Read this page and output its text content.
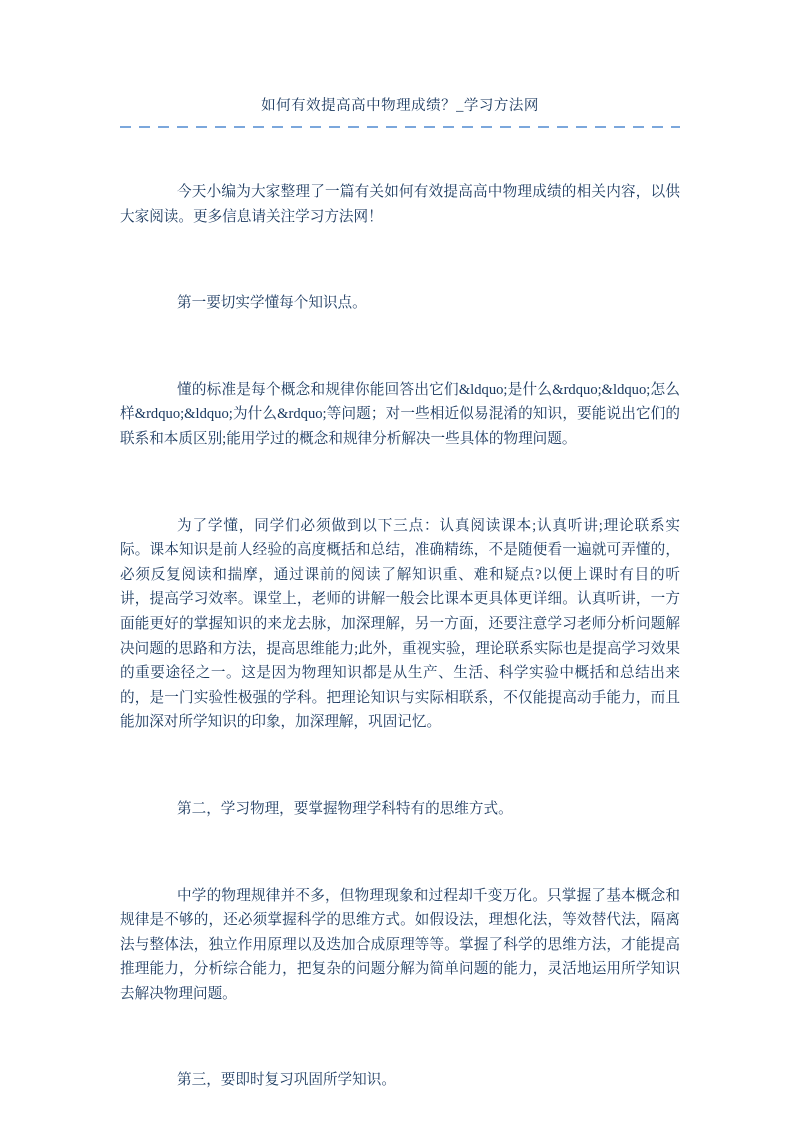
如何有效提高高中物理成绩？_学习方法网

今天小编为大家整理了一篇有关如何有效提高高中物理成绩的相关内容，以供大家阅读。更多信息请关注学习方法网！

第一要切实学懂每个知识点。

懂的标准是每个概念和规律你能回答出它们&ldquo;是什么&rdquo;&ldquo;怎么样&rdquo;&ldquo;为什么&rdquo;等问题；对一些相近似易混淆的知识，要能说出它们的联系和本质区别;能用学过的概念和规律分析解决一些具体的物理问题。

为了学懂，同学们必须做到以下三点：认真阅读课本;认真听讲;理论联系实际。课本知识是前人经验的高度概括和总结，准确精练，不是随便看一遍就可弄懂的，必须反复阅读和揣摩，通过课前的阅读了解知识重、难和疑点?以便上课时有目的听讲，提高学习效率。课堂上，老师的讲解一般会比课本更具体更详细。认真听讲，一方面能更好的掌握知识的来龙去脉，加深理解，另一方面，还要注意学习老师分析问题解决问题的思路和方法，提高思维能力;此外，重视实验，理论联系实际也是提高学习效果的重要途径之一。这是因为物理知识都是从生产、生活、科学实验中概括和总结出来的，是一门实验性极强的学科。把理论知识与实际相联系，不仅能提高动手能力，而且能加深对所学知识的印象，加深理解，巩固记忆。

第二，学习物理，要掌握物理学科特有的思维方式。

中学的物理规律并不多，但物理现象和过程却千变万化。只掌握了基本概念和规律是不够的，还必须掌握科学的思维方式。如假设法，理想化法，等效替代法，隔离法与整体法，独立作用原理以及迭加合成原理等等。掌握了科学的思维方法，才能提高推理能力，分析综合能力，把复杂的问题分解为简单问题的能力，灵活地运用所学知识去解决物理问题。

第三，要即时复习巩固所学知识。
